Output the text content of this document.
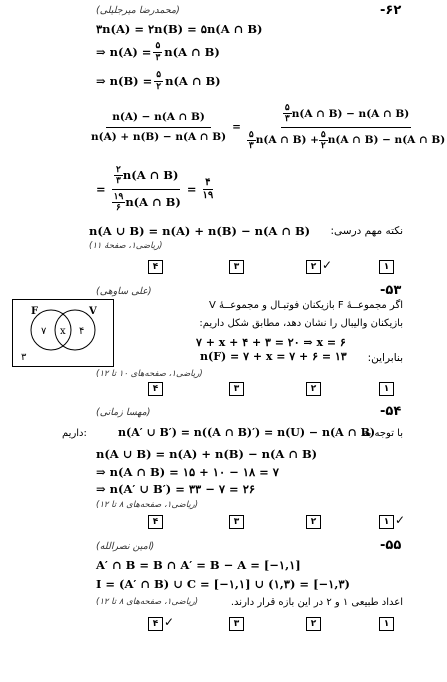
-۶۲
(محمدرضا میرجلیلی)
۳n(A) = ۲n(B) = ۵n(A ∩ B)
⇒ $n(A) = \frac{۵}{۳} n(A$ ∩ B)
⇒ $n(B) = \frac{۵}{۲} n(A$ ∩ B)
$\frac{n(A) - n(A \cap B)}{n(A) + n(B) - n(A \cap B)}$ =
$\frac{۵}{۳} n(A$ ∩ B) − n(A ∩ B)
$\frac{۵}{۳} n(A$ ∩ $B) + \frac{۵}{۲} n(A$ ∩ B) − n(A ∩ B)
= $\frac{\frac{۲}{۳} n(A \cap B)}{\frac{۱۹}{۶} n(A \cap B)} = \frac{۴}{۱۹}$
n(A ∪ B) = n(A) + n(B) − n(A ∩ B) نکته مهم درسی:
(ریاضی۱، صفحهٔ ۱۱)
۴	۳	۲ ✓	۱
-۵۳
(علی ساوهی)
F	V
۷ x ۴
۳
اگر مجموعــهٔ F بازیکنان فوتبـال و مجموعــهٔ V
بازیکنان والیبال را نشان دهد، مطابق شکل داریم:
۷ + x + ۴ + ۳ = ۲۰ ⇒ x = ۶
بنابراین:
n(F) = ۷ + x = ۷ + ۶ = ۱۳
(ریاضی۱، صفحه‌های ۱۰ تا ۱۲)
۴	۳	۲	۱
-۵۴
(مهسا زمانی)
با توجه به
n(A′ ∪ B′) = n((A ∩ B)′) = n(U) − n(A ∩ B)
داریم:
n(A ∪ B) = n(A) + n(B) − n(A ∩ B)
⇒ n(A ∩ B) = ۱۵ + ۱۰ − ۱۸ = ۷
⇒ n(A′ ∪ B′) = ۳۳ − ۷ = ۲۶
(ریاضی۱، صفحه‌های ۸ تا ۱۲)
۴	۳	۲	۱ ✓
-۵۵
(امین نصرالله)
A′ ∩ B = B ∩ A′ = B − A = [−۱,۱]
I = (A′ ∩ B) ∪ C = [−۱,۱] ∪ (۱,۳) = [−۱,۳)
(ریاضی۱، صفحه‌های ۸ تا ۱۲)	اعداد طبیعی ۱ و ۲ در این بازه قرار دارند.
۴ ✓	۳	۲	۱
